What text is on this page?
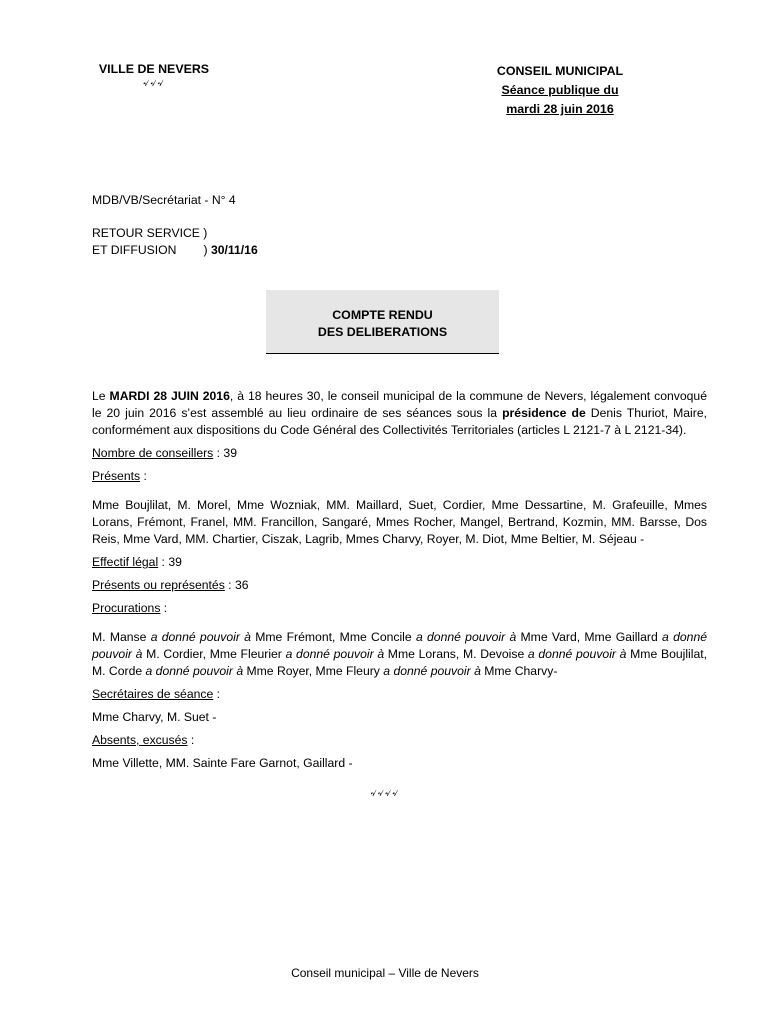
VILLE DE NEVERS
৵৵৵
CONSEIL MUNICIPAL
Séance publique du
mardi 28 juin 2016
MDB/VB/Secrétariat - N° 4
RETOUR SERVICE )
ET DIFFUSION        ) 30/11/16
COMPTE RENDU
DES DELIBERATIONS

Le MARDI 28 JUIN 2016, à 18 heures 30, le conseil municipal de la commune de Nevers, légalement convoqué le 20 juin 2016 s’est assemblé au lieu ordinaire de ses séances sous la présidence de Denis Thuriot, Maire, conformément aux dispositions du Code Général des Collectivités Territoriales (articles L 2121-7 à L 2121-34).

Nombre de conseillers : 39

Présents :

Mme Boujlilat, M. Morel, Mme Wozniak, MM. Maillard, Suet, Cordier, Mme Dessartine, M. Grafeuille, Mmes Lorans, Frémont, Franel, MM. Francillon, Sangaré, Mmes Rocher, Mangel, Bertrand, Kozmin, MM. Barsse, Dos Reis, Mme Vard, MM. Chartier, Ciszak, Lagrib, Mmes Charvy, Royer, M. Diot, Mme Beltier, M. Séjeau -

Effectif légal : 39

Présents ou représentés : 36

Procurations :

M. Manse a donné pouvoir à Mme Frémont, Mme Concile a donné pouvoir à Mme Vard, Mme Gaillard a donné pouvoir à M. Cordier, Mme Fleurier a donné pouvoir à Mme Lorans, M. Devoise a donné pouvoir à Mme Boujlilat, M. Corde a donné pouvoir à Mme Royer, Mme Fleury a donné pouvoir à Mme Charvy-

Secrétaires de séance :

Mme Charvy, M. Suet -

Absents, excusés :

Mme Villette, MM. Sainte Fare Garnot, Gaillard -

৵৵৵৵
Conseil municipal – Ville de Nevers
